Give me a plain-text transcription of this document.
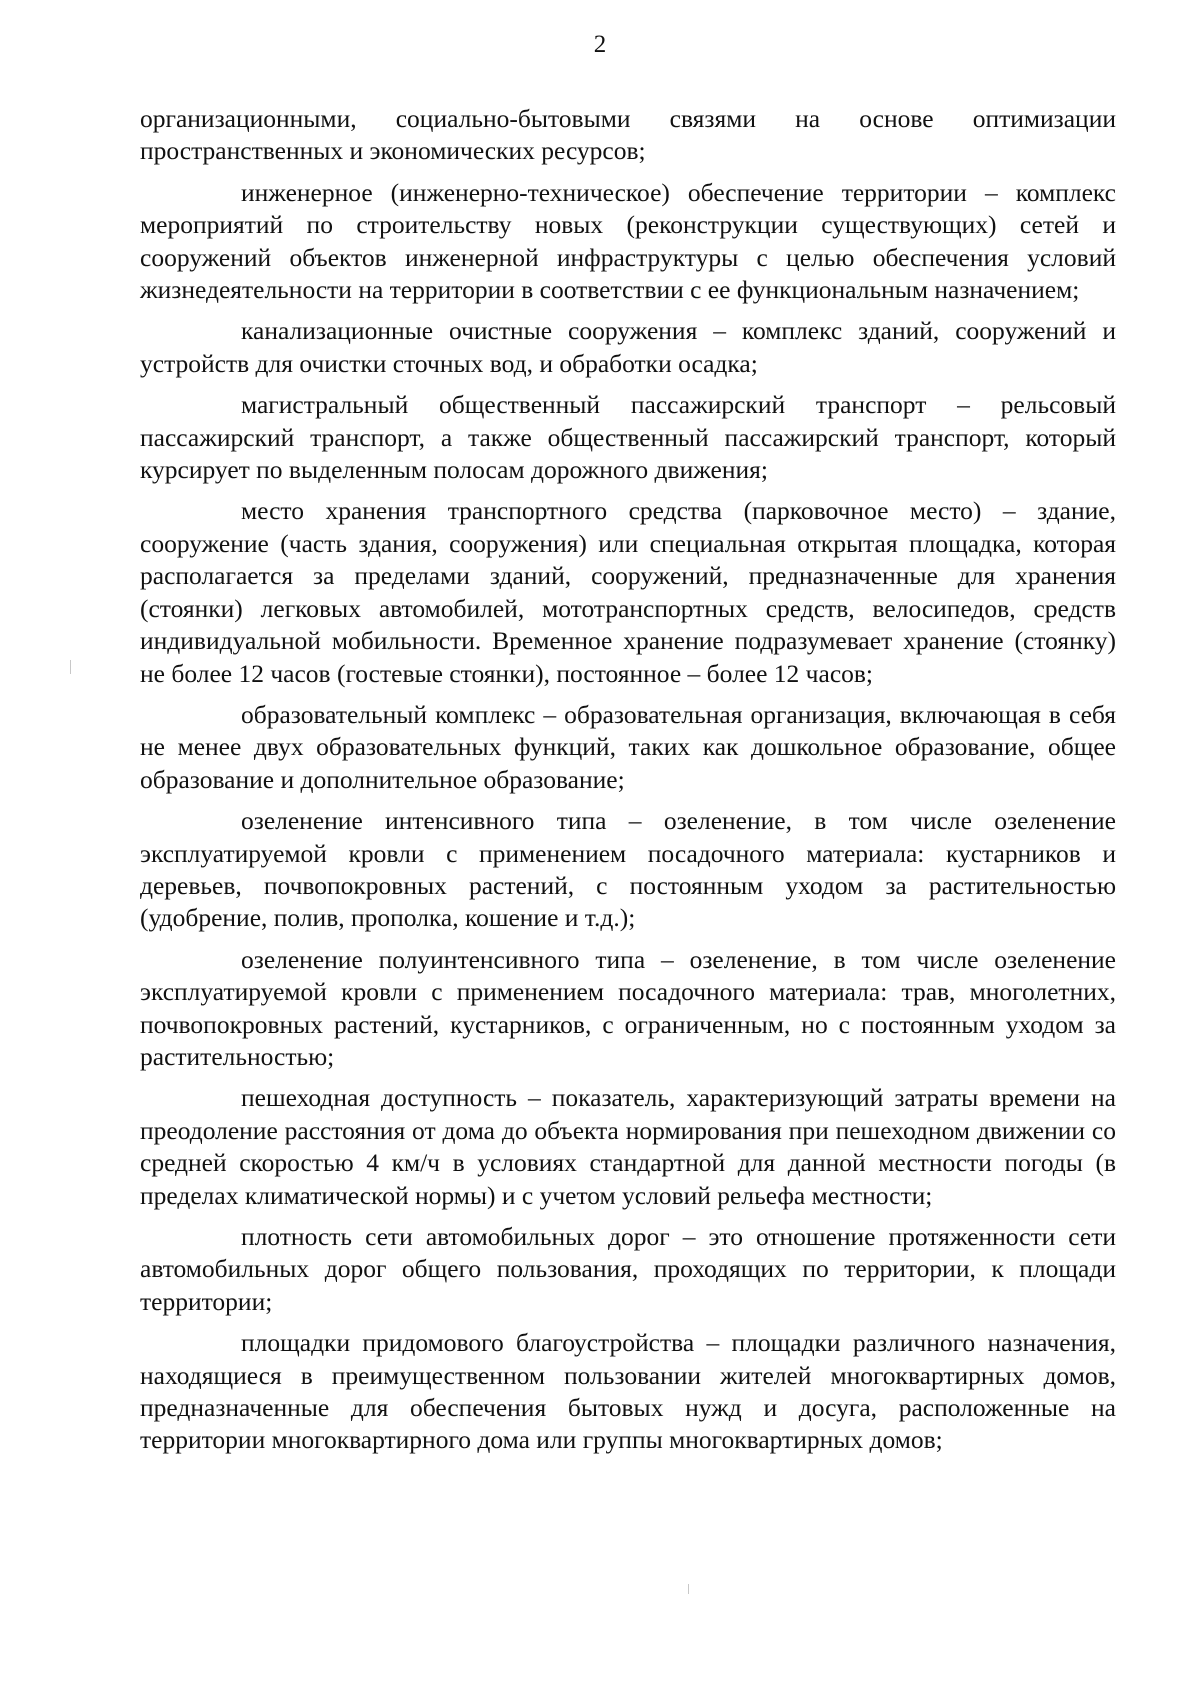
2

организационными, социально-бытовыми связями на основе оптимизации пространственных и экономических ресурсов;

инженерное (инженерно-техническое) обеспечение территории – комплекс мероприятий по строительству новых (реконструкции существующих) сетей и сооружений объектов инженерной инфраструктуры с целью обеспечения условий жизнедеятельности на территории в соответствии с ее функциональным назначением;

канализационные очистные сооружения – комплекс зданий, сооружений и устройств для очистки сточных вод, и обработки осадка;

магистральный общественный пассажирский транспорт – рельсовый пассажирский транспорт, а также общественный пассажирский транспорт, который курсирует по выделенным полосам дорожного движения;

место хранения транспортного средства (парковочное место) – здание, сооружение (часть здания, сооружения) или специальная открытая площадка, которая располагается за пределами зданий, сооружений, предназначенные для хранения (стоянки) легковых автомобилей, мототранспортных средств, велосипедов, средств индивидуальной мобильности. Временное хранение подразумевает хранение (стоянку) не более 12 часов (гостевые стоянки), постоянное – более 12 часов;

образовательный комплекс – образовательная организация, включающая в себя не менее двух образовательных функций, таких как дошкольное образование, общее образование и дополнительное образование;

озеленение интенсивного типа – озеленение, в том числе озеленение эксплуатируемой кровли с применением посадочного материала: кустарников и деревьев, почвопокровных растений, с постоянным уходом за растительностью (удобрение, полив, прополка, кошение и т.д.);

озеленение полуинтенсивного типа – озеленение, в том числе озеленение эксплуатируемой кровли с применением посадочного материала: трав, многолетних, почвопокровных растений, кустарников, с ограниченным, но с постоянным уходом за растительностью;

пешеходная доступность – показатель, характеризующий затраты времени на преодоление расстояния от дома до объекта нормирования при пешеходном движении со средней скоростью 4 км/ч в условиях стандартной для данной местности погоды (в пределах климатической нормы) и с учетом условий рельефа местности;

плотность сети автомобильных дорог – это отношение протяженности сети автомобильных дорог общего пользования, проходящих по территории, к площади территории;

площадки придомового благоустройства – площадки различного назначения, находящиеся в преимущественном пользовании жителей многоквартирных домов, предназначенные для обеспечения бытовых нужд и досуга, расположенные на территории многоквартирного дома или группы многоквартирных домов;
